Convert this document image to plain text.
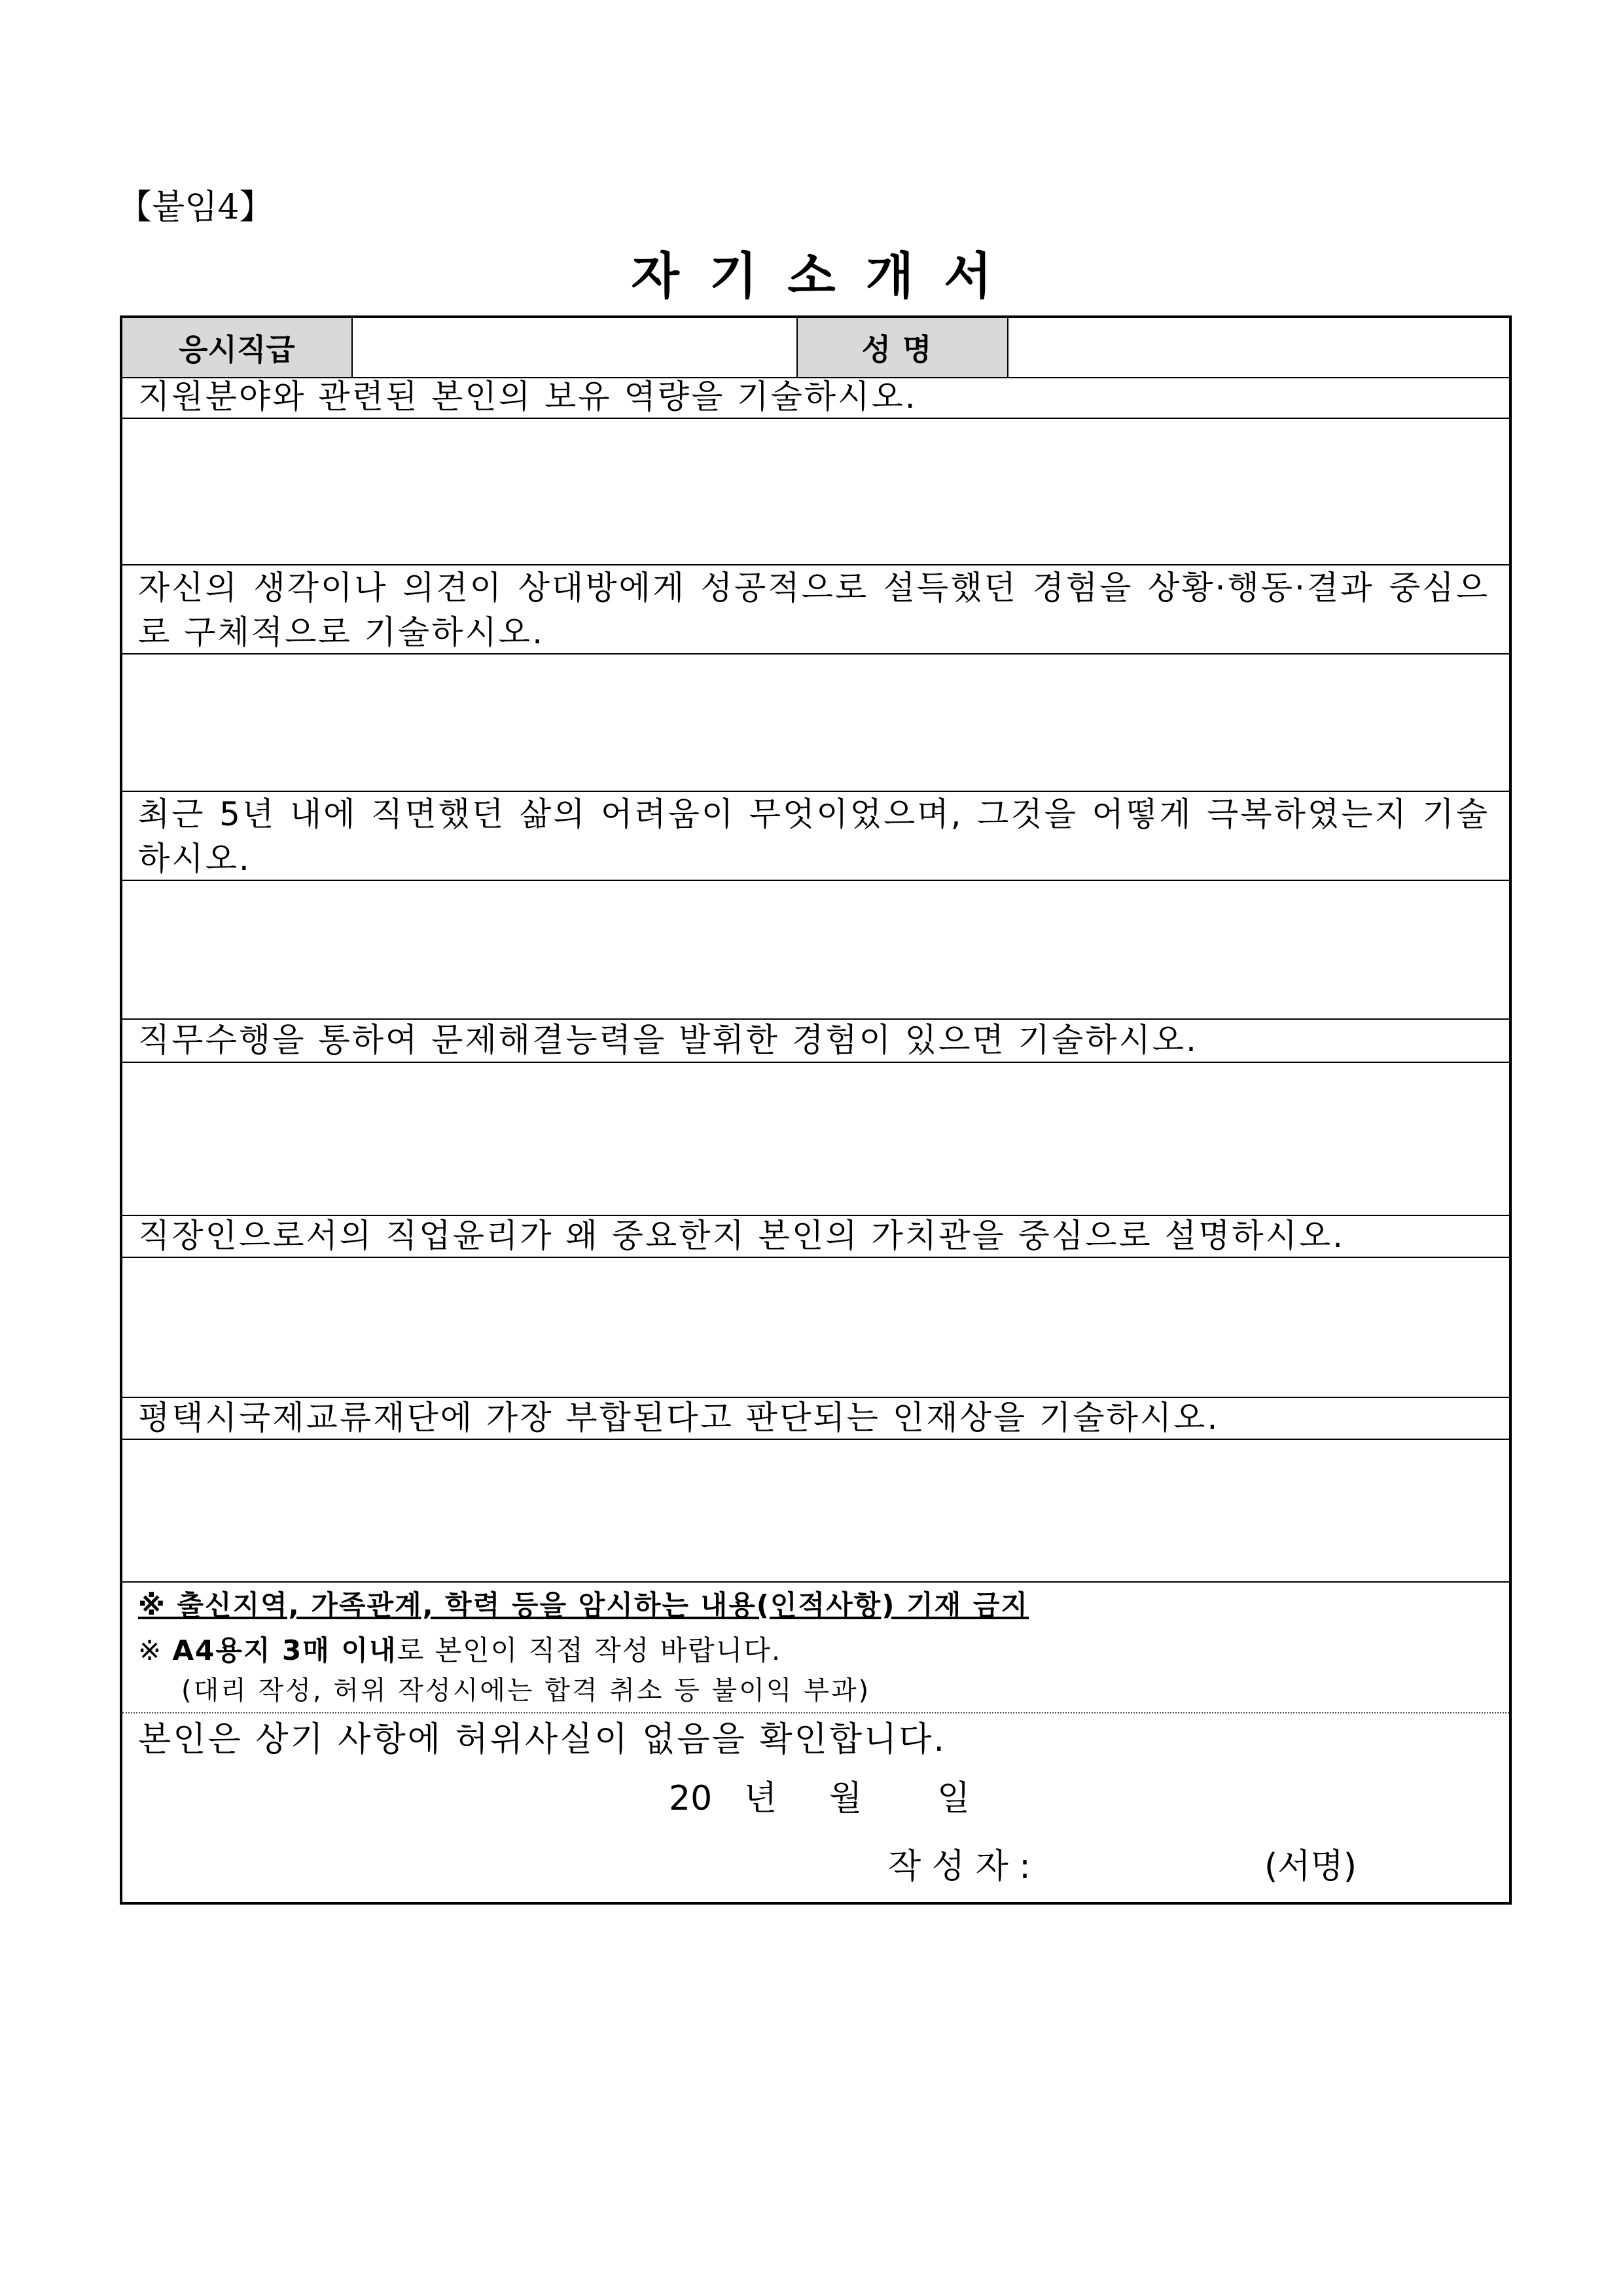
【붙임4】
자기소개서
응시직급	성명
지원분야와 관련된 본인의 보유 역량을 기술하시오.
자신의 생각이나 의견이 상대방에게 성공적으로 설득했던 경험을 상황·행동·결과 중심으로 구체적으로 기술하시오.
최근 5년 내에 직면했던 삶의 어려움이 무엇이었으며, 그것을 어떻게 극복하였는지 기술하시오.
직무수행을 통하여 문제해결능력을 발휘한 경험이 있으면 기술하시오.
직장인으로서의 직업윤리가 왜 중요한지 본인의 가치관을 중심으로 설명하시오.
평택시국제교류재단에 가장 부합된다고 판단되는 인재상을 기술하시오.
※ 출신지역, 가족관계, 학력 등을 암시하는 내용(인적사항) 기재 금지
※ A4용지 3매 이내로 본인이 직접 작성 바랍니다.
(대리 작성, 허위 작성시에는 합격 취소 등 불이익 부과)
본인은 상기 사항에 허위사실이 없음을 확인합니다.
20 년 월 일
작 성 자 :	(서명)
